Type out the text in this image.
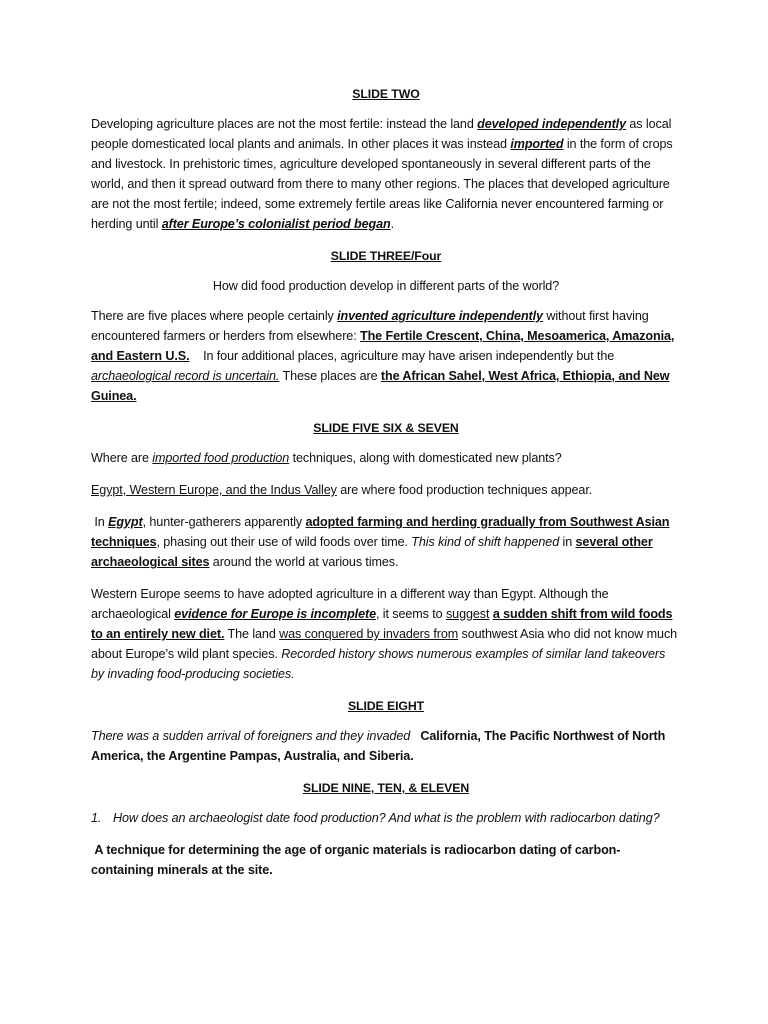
SLIDE TWO

Developing agriculture places are not the most fertile: instead the land developed independently as local people domesticated local plants and animals. In other places it was instead imported in the form of crops and livestock. In prehistoric times, agriculture developed spontaneously in several different parts of the world, and then it spread outward from there to many other regions. The places that developed agriculture are not the most fertile; indeed, some extremely fertile areas like California never encountered farming or herding until after Europe’s colonialist period began.

SLIDE THREE/Four
How did food production develop in different parts of the world?

There are five places where people certainly invented agriculture independently without first having encountered farmers or herders from elsewhere: The Fertile Crescent, China, Mesoamerica, Amazonia, and Eastern U.S.    In four additional places, agriculture may have arisen independently but the archaeological record is uncertain. These places are the African Sahel, West Africa, Ethiopia, and New Guinea.

SLIDE FIVE SIX & SEVEN

Where are imported food production techniques, along with domesticated new plants?

Egypt, Western Europe, and the Indus Valley are where food production techniques appear.

In Egypt, hunter-gatherers apparently adopted farming and herding gradually from Southwest Asian techniques, phasing out their use of wild foods over time. This kind of shift happened in several other archaeological sites around the world at various times.

Western Europe seems to have adopted agriculture in a different way than Egypt. Although the archaeological evidence for Europe is incomplete, it seems to suggest a sudden shift from wild foods to an entirely new diet. The land was conquered by invaders from southwest Asia who did not know much about Europe’s wild plant species. Recorded history shows numerous examples of similar land takeovers by invading food-producing societies.

SLIDE EIGHT

There was a sudden arrival of foreigners and they invaded   California, The Pacific Northwest of North America, the Argentine Pampas, Australia, and Siberia.

SLIDE NINE, TEN, & ELEVEN
1. How does an archaeologist date food production? And what is the problem with radiocarbon dating?

A technique for determining the age of organic materials is radiocarbon dating of carbon-containing minerals at the site.
